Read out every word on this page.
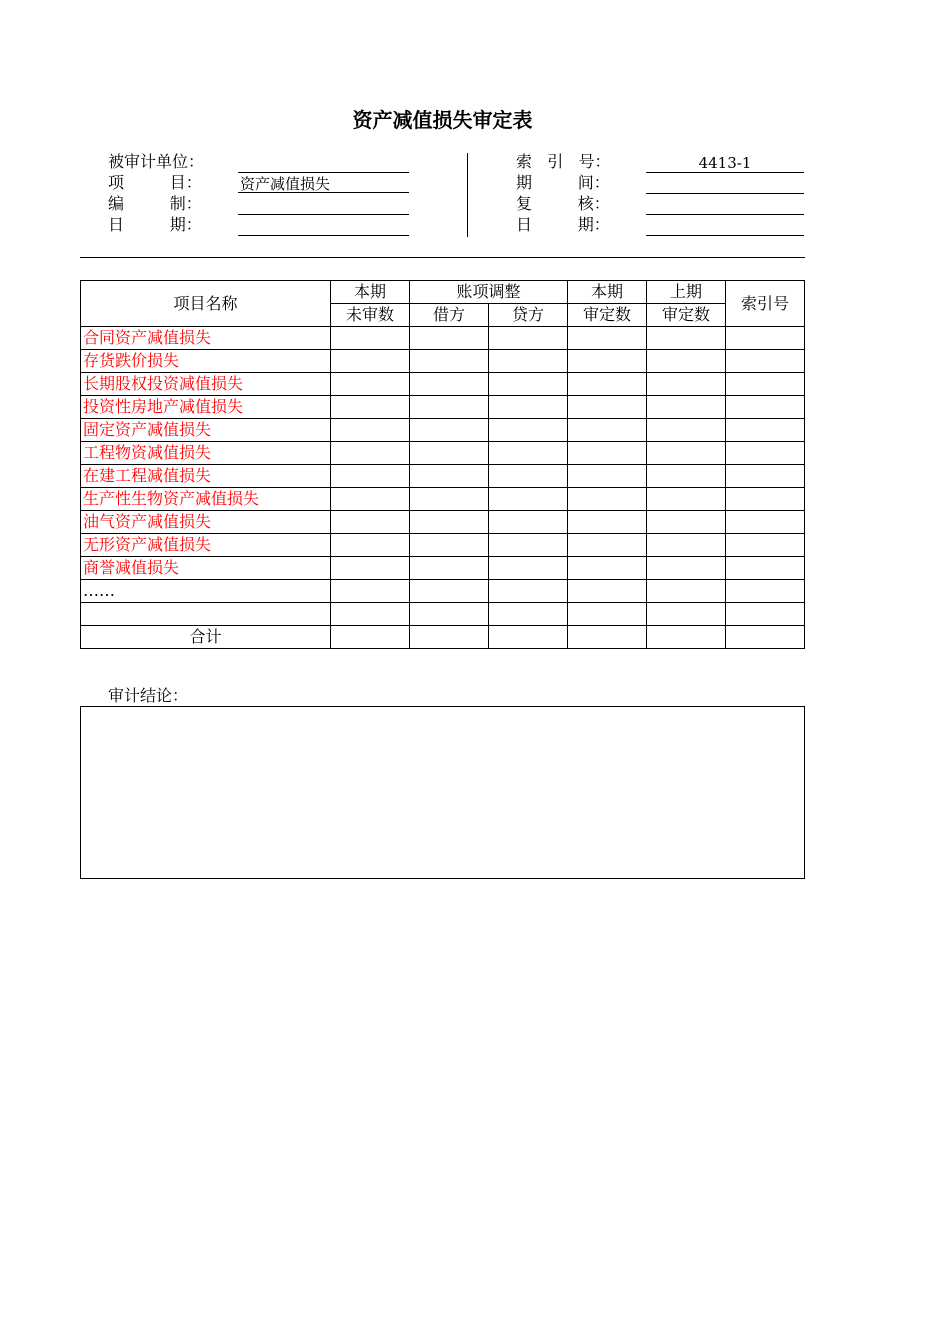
资产减值损失审定表
被审计单位：
项         目：	资产减值损失
编         制：
日         期：
索   引   号：	4413-1
期         间：
复         核：
日         期：
项目名称	本期	账项调整		本期	上期	索引号
	未审数	借方	贷方	审定数	审定数	
合同资产减值损失						
存货跌价损失						
长期股权投资减值损失						
投资性房地产减值损失						
固定资产减值损失						
工程物资减值损失						
在建工程减值损失						
生产性生物资产减值损失						
油气资产减值损失						
无形资产减值损失						
商誉减值损失						
……						

合计						
审计结论：
